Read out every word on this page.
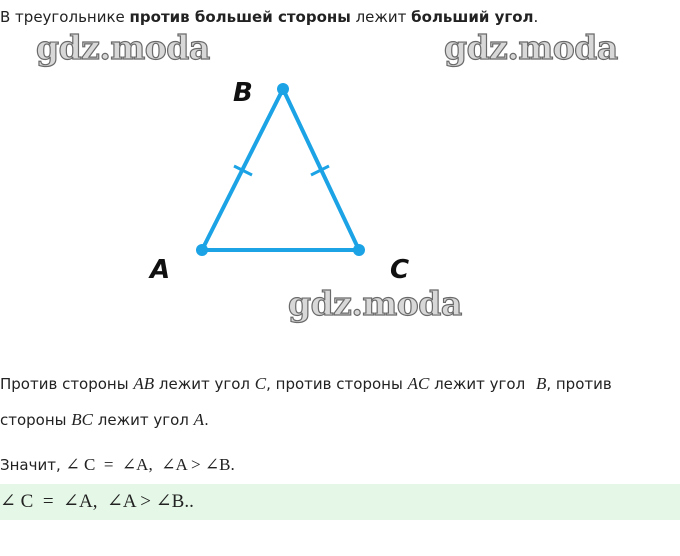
В треугольнике против большей стороны лежит больший угол.
gdz.moda	gdz.moda
B
A	C
gdz.moda
Против стороны AB лежит угол C, против стороны AC лежит угол B, против
стороны BC лежит угол A.
Значит, ∠ C  =  ∠A,  ∠A > ∠B.
∠ C  =  ∠A,  ∠A > ∠B..
